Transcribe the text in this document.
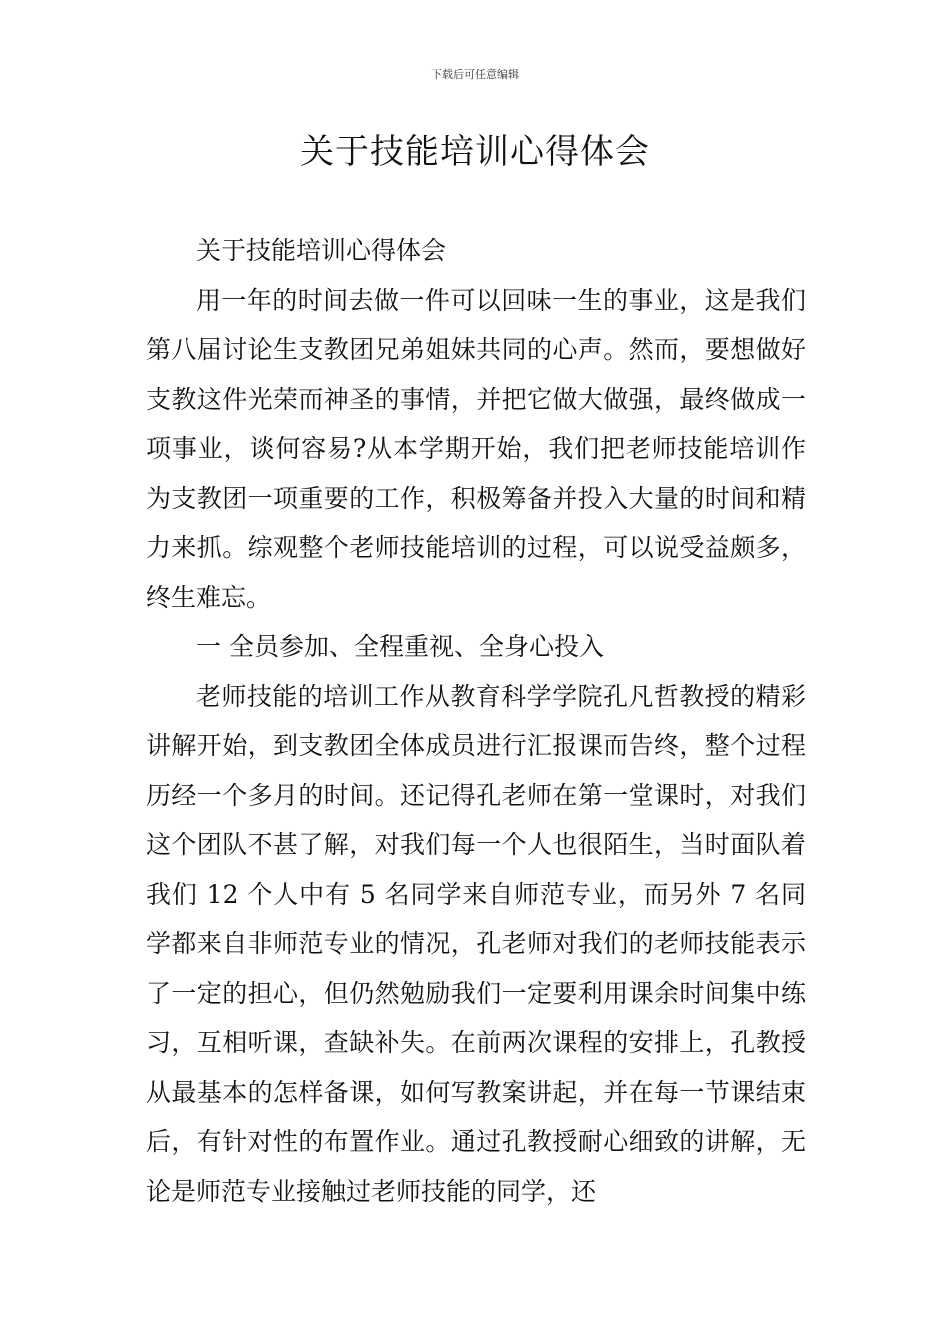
下载后可任意编辑
关于技能培训心得体会

关于技能培训心得体会

用一年的时间去做一件可以回味一生的事业，这是我们第八届讨论生支教团兄弟姐妹共同的心声。然而，要想做好支教这件光荣而神圣的事情，并把它做大做强，最终做成一项事业，谈何容易?从本学期开始，我们把老师技能培训作为支教团一项重要的工作，积极筹备并投入大量的时间和精力来抓。综观整个老师技能培训的过程，可以说受益颇多，终生难忘。

一 全员参加、全程重视、全身心投入

老师技能的培训工作从教育科学学院孔凡哲教授的精彩讲解开始，到支教团全体成员进行汇报课而告终，整个过程历经一个多月的时间。还记得孔老师在第一堂课时，对我们这个团队不甚了解，对我们每一个人也很陌生，当时面队着我们 12 个人中有 5 名同学来自师范专业，而另外 7 名同学都来自非师范专业的情况，孔老师对我们的老师技能表示了一定的担心，但仍然勉励我们一定要利用课余时间集中练习，互相听课，查缺补失。在前两次课程的安排上，孔教授从最基本的怎样备课，如何写教案讲起，并在每一节课结束后，有针对性的布置作业。通过孔教授耐心细致的讲解，无论是师范专业接触过老师技能的同学，还
